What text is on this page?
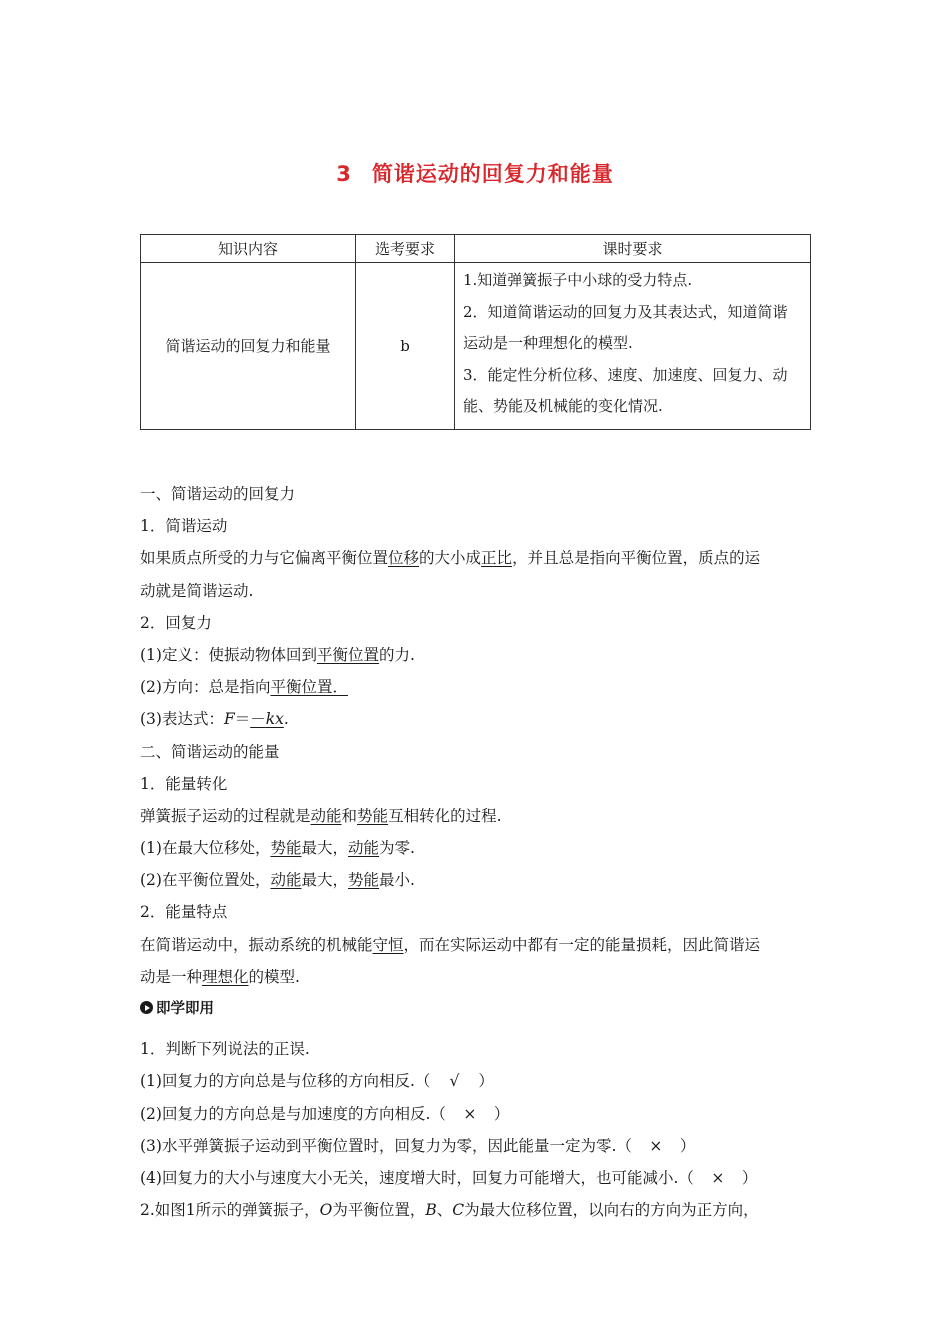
3 简谐运动的回复力和能量
知识内容	选考要求	课时要求
简谐运动的回复力和能量	b	1.知道弹簧振子中小球的受力特点.
2．知道简谐运动的回复力及其表达式，知道简谐运动是一种理想化的模型.
3．能定性分析位移、速度、加速度、回复力、动能、势能及机械能的变化情况.
一、简谐运动的回复力
1．简谐运动
如果质点所受的力与它偏离平衡位置位移的大小成正比，并且总是指向平衡位置，质点的运
动就是简谐运动.
2．回复力
(1)定义：使振动物体回到平衡位置的力.
(2)方向：总是指向平衡位置．
(3)表达式：F＝－kx.
二、简谐运动的能量
1．能量转化
弹簧振子运动的过程就是动能和势能互相转化的过程.
(1)在最大位移处，势能最大，动能为零.
(2)在平衡位置处，动能最大，势能最小.
2．能量特点
在简谐运动中，振动系统的机械能守恒，而在实际运动中都有一定的能量损耗，因此简谐运
动是一种理想化的模型.
即学即用
1．判断下列说法的正误.
(1)回复力的方向总是与位移的方向相反.（ √ ）
(2)回复力的方向总是与加速度的方向相反.（ × ）
(3)水平弹簧振子运动到平衡位置时，回复力为零，因此能量一定为零.（ × ）
(4)回复力的大小与速度大小无关，速度增大时，回复力可能增大，也可能减小.（ × ）
2.如图1所示的弹簧振子，O为平衡位置，B、C为最大位移位置，以向右的方向为正方向，
